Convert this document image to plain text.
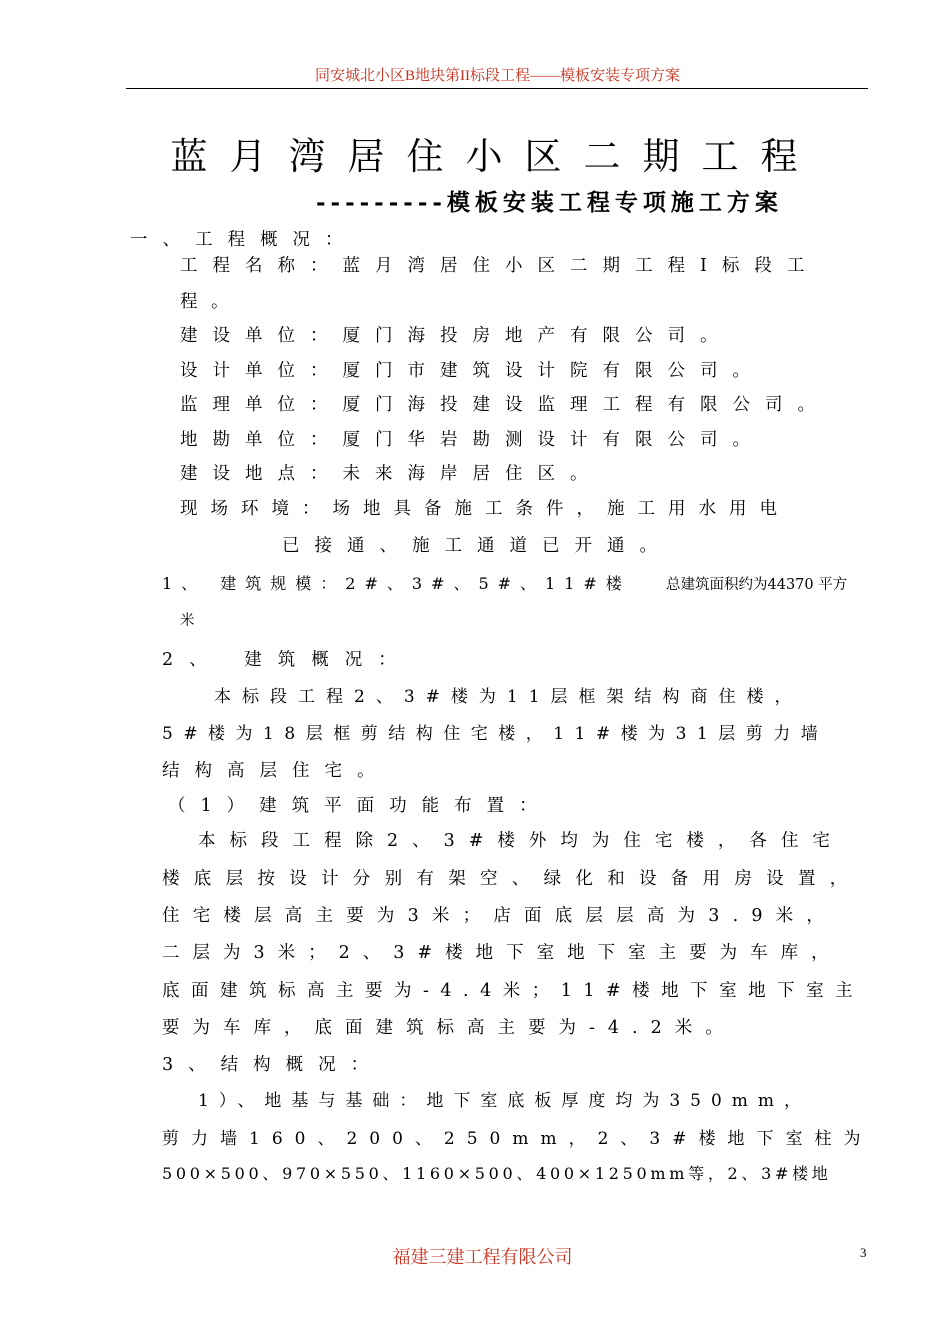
同安城北小区B地块第II标段工程——模板安装专项方案
蓝月湾居住小区二期工程
---------模板安装工程专项施工方案
一、工程概况：
工程名称：蓝月湾居住小区二期工程Ⅰ标段工
程。
建设单位：厦门海投房地产有限公司。
设计单位：厦门市建筑设计院有限公司。
监理单位：厦门海投建设监理工程有限公司。
地勘单位：厦门华岩勘测设计有限公司。
建设地点：未来海岸居住区。
现场环境：场地具备施工条件，施工用水用电
已接通、施工通道已开通。
1、 建筑规模：2#、3#、5#、11#楼 总建筑面积约为44370 平方
米
2、 建筑概况：
本标段工程2、3#楼为11层框架结构商住楼，
5#楼为18层框剪结构住宅楼，11#楼为31层剪力墙
结构高层住宅。
（1）建筑平面功能布置：
本标段工程除2、3#楼外均为住宅楼，各住宅
楼底层按设计分别有架空、绿化和设备用房设置，
住宅楼层高主要为3米；店面底层层高为3.9米，
二层为3米；2、3#楼地下室地下室主要为车库，
底面建筑标高主要为-4.4米；11#楼地下室地下室主
要为车库，底面建筑标高主要为-4.2米。
3、结构概况：
1）、地基与基础：地下室底板厚度均为350mm，
剪力墙160、200、250mm，2、3#楼地下室柱为
500×500、970×550、1160×500、400×1250mm等，2、3#楼地
福建三建工程有限公司	3
